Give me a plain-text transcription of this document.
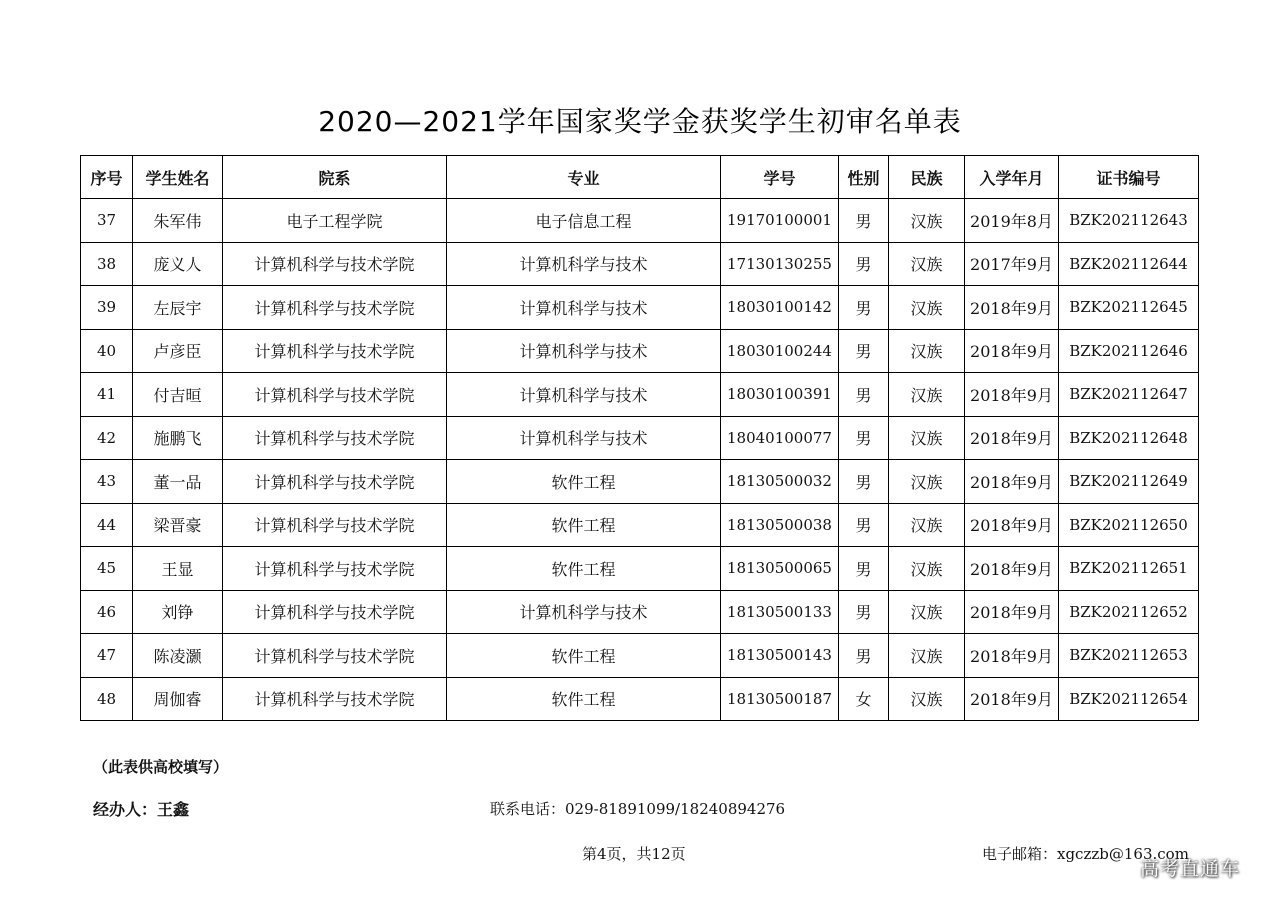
2020—2021学年国家奖学金获奖学生初审名单表
序号	学生姓名	院系	专业	学号	性别	民族	入学年月	证书编号
37	朱军伟	电子工程学院	电子信息工程	19170100001	男	汉族	2019年8月	BZK202112643
38	庞义人	计算机科学与技术学院	计算机科学与技术	17130130255	男	汉族	2017年9月	BZK202112644
39	左辰宇	计算机科学与技术学院	计算机科学与技术	18030100142	男	汉族	2018年9月	BZK202112645
40	卢彦臣	计算机科学与技术学院	计算机科学与技术	18030100244	男	汉族	2018年9月	BZK202112646
41	付吉晅	计算机科学与技术学院	计算机科学与技术	18030100391	男	汉族	2018年9月	BZK202112647
42	施鹏飞	计算机科学与技术学院	计算机科学与技术	18040100077	男	汉族	2018年9月	BZK202112648
43	董一品	计算机科学与技术学院	软件工程	18130500032	男	汉族	2018年9月	BZK202112649
44	梁晋豪	计算机科学与技术学院	软件工程	18130500038	男	汉族	2018年9月	BZK202112650
45	王显	计算机科学与技术学院	软件工程	18130500065	男	汉族	2018年9月	BZK202112651
46	刘铮	计算机科学与技术学院	计算机科学与技术	18130500133	男	汉族	2018年9月	BZK202112652
47	陈凌灏	计算机科学与技术学院	软件工程	18130500143	男	汉族	2018年9月	BZK202112653
48	周伽睿	计算机科学与技术学院	软件工程	18130500187	女	汉族	2018年9月	BZK202112654
（此表供高校填写）
经办人：王鑫	联系电话：029-81891099/18240894276
第4页，共12页	电子邮箱：xgczzb@163.com
高考直通车
